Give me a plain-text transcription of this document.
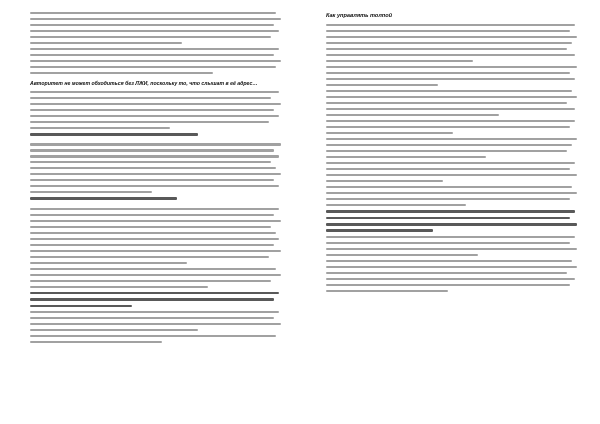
Авторитет не может обходиться без ЛЖИ, поскольку то, что слышат в её адрес…
Как управлять толпой
